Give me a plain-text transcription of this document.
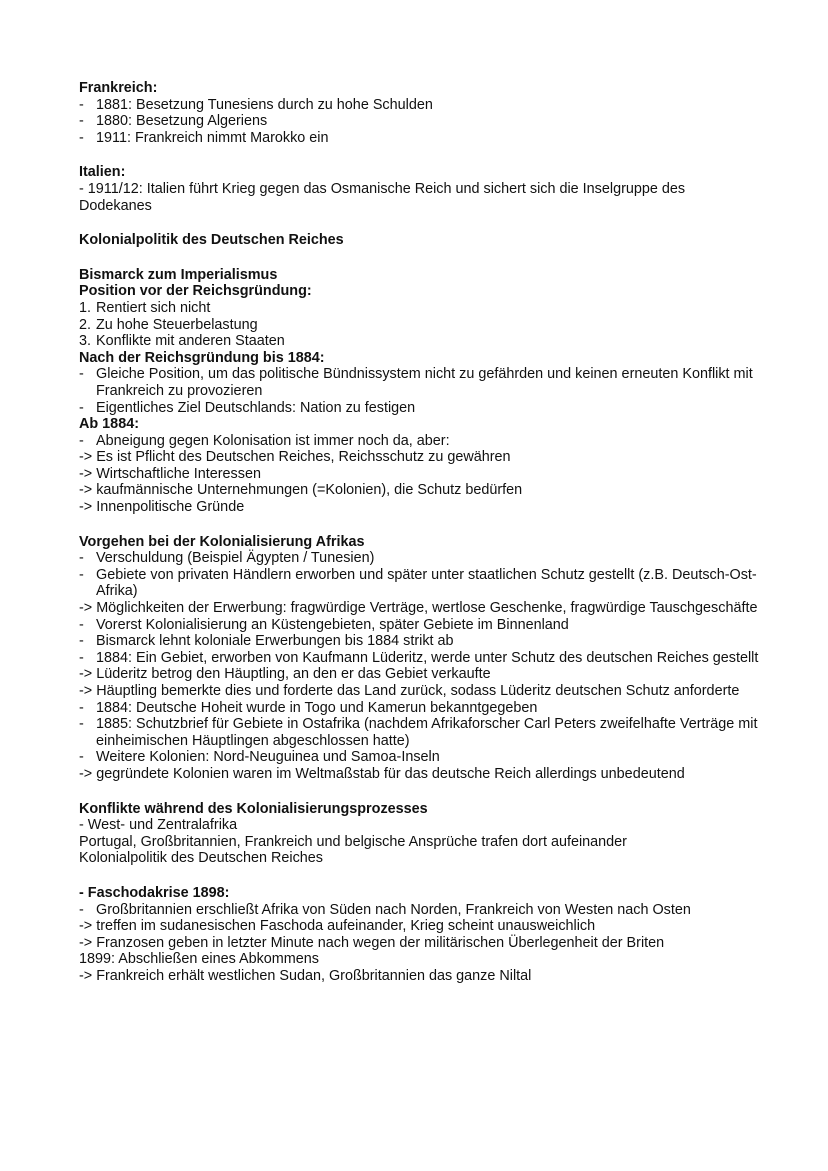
Frankreich:
- 1881: Besetzung Tunesiens durch zu hohe Schulden
- 1880: Besetzung Algeriens
- 1911: Frankreich nimmt Marokko ein
Italien:
- 1911/12: Italien führt Krieg gegen das Osmanische Reich und sichert sich die Inselgruppe des Dodekanes
Kolonialpolitik des Deutschen Reiches
Bismarck zum Imperialismus
Position vor der Reichsgründung:
1. Rentiert sich nicht
2. Zu hohe Steuerbelastung
3. Konflikte mit anderen Staaten
Nach der Reichsgründung bis 1884:
- Gleiche Position, um das politische Bündnissystem nicht zu gefährden und keinen erneuten Konflikt mit Frankreich zu provozieren
- Eigentliches Ziel Deutschlands: Nation zu festigen
Ab 1884:
- Abneigung gegen Kolonisation ist immer noch da, aber:
-> Es ist Pflicht des Deutschen Reiches, Reichsschutz zu gewähren
-> Wirtschaftliche Interessen
-> kaufmännische Unternehmungen (=Kolonien), die Schutz bedürfen
-> Innenpolitische Gründe
Vorgehen bei der Kolonialisierung Afrikas
- Verschuldung (Beispiel Ägypten / Tunesien)
- Gebiete von privaten Händlern erworben und später unter staatlichen Schutz gestellt (z.B. Deutsch-Ost-Afrika)
-> Möglichkeiten der Erwerbung: fragwürdige Verträge, wertlose Geschenke, fragwürdige Tauschgeschäfte
- Vorerst Kolonialisierung an Küstengebieten, später Gebiete im Binnenland
- Bismarck lehnt koloniale Erwerbungen bis 1884 strikt ab
- 1884: Ein Gebiet, erworben von Kaufmann Lüderitz, werde unter Schutz des deutschen Reiches gestellt
-> Lüderitz betrog den Häuptling, an den er das Gebiet verkaufte
-> Häuptling bemerkte dies und forderte das Land zurück, sodass Lüderitz deutschen Schutz anforderte
- 1884: Deutsche Hoheit wurde in Togo und Kamerun bekanntgegeben
- 1885: Schutzbrief für Gebiete in Ostafrika (nachdem Afrikaforscher Carl Peters zweifelhafte Verträge mit einheimischen Häuptlingen abgeschlossen hatte)
- Weitere Kolonien: Nord-Neuguinea und Samoa-Inseln
-> gegründete Kolonien waren im Weltmaßstab für das deutsche Reich allerdings unbedeutend
Konflikte während des Kolonialisierungsprozesses
- West- und Zentralafrika
Portugal, Großbritannien, Frankreich und belgische Ansprüche trafen dort aufeinander
Kolonialpolitik des Deutschen Reiches
- Faschodakrise 1898:
- Großbritannien erschließt Afrika von Süden nach Norden, Frankreich von Westen nach Osten
-> treffen im sudanesischen Faschoda aufeinander, Krieg scheint unausweichlich
-> Franzosen geben in letzter Minute nach wegen der militärischen Überlegenheit der Briten
1899: Abschließen eines Abkommens
-> Frankreich erhält westlichen Sudan, Großbritannien das ganze Niltal
